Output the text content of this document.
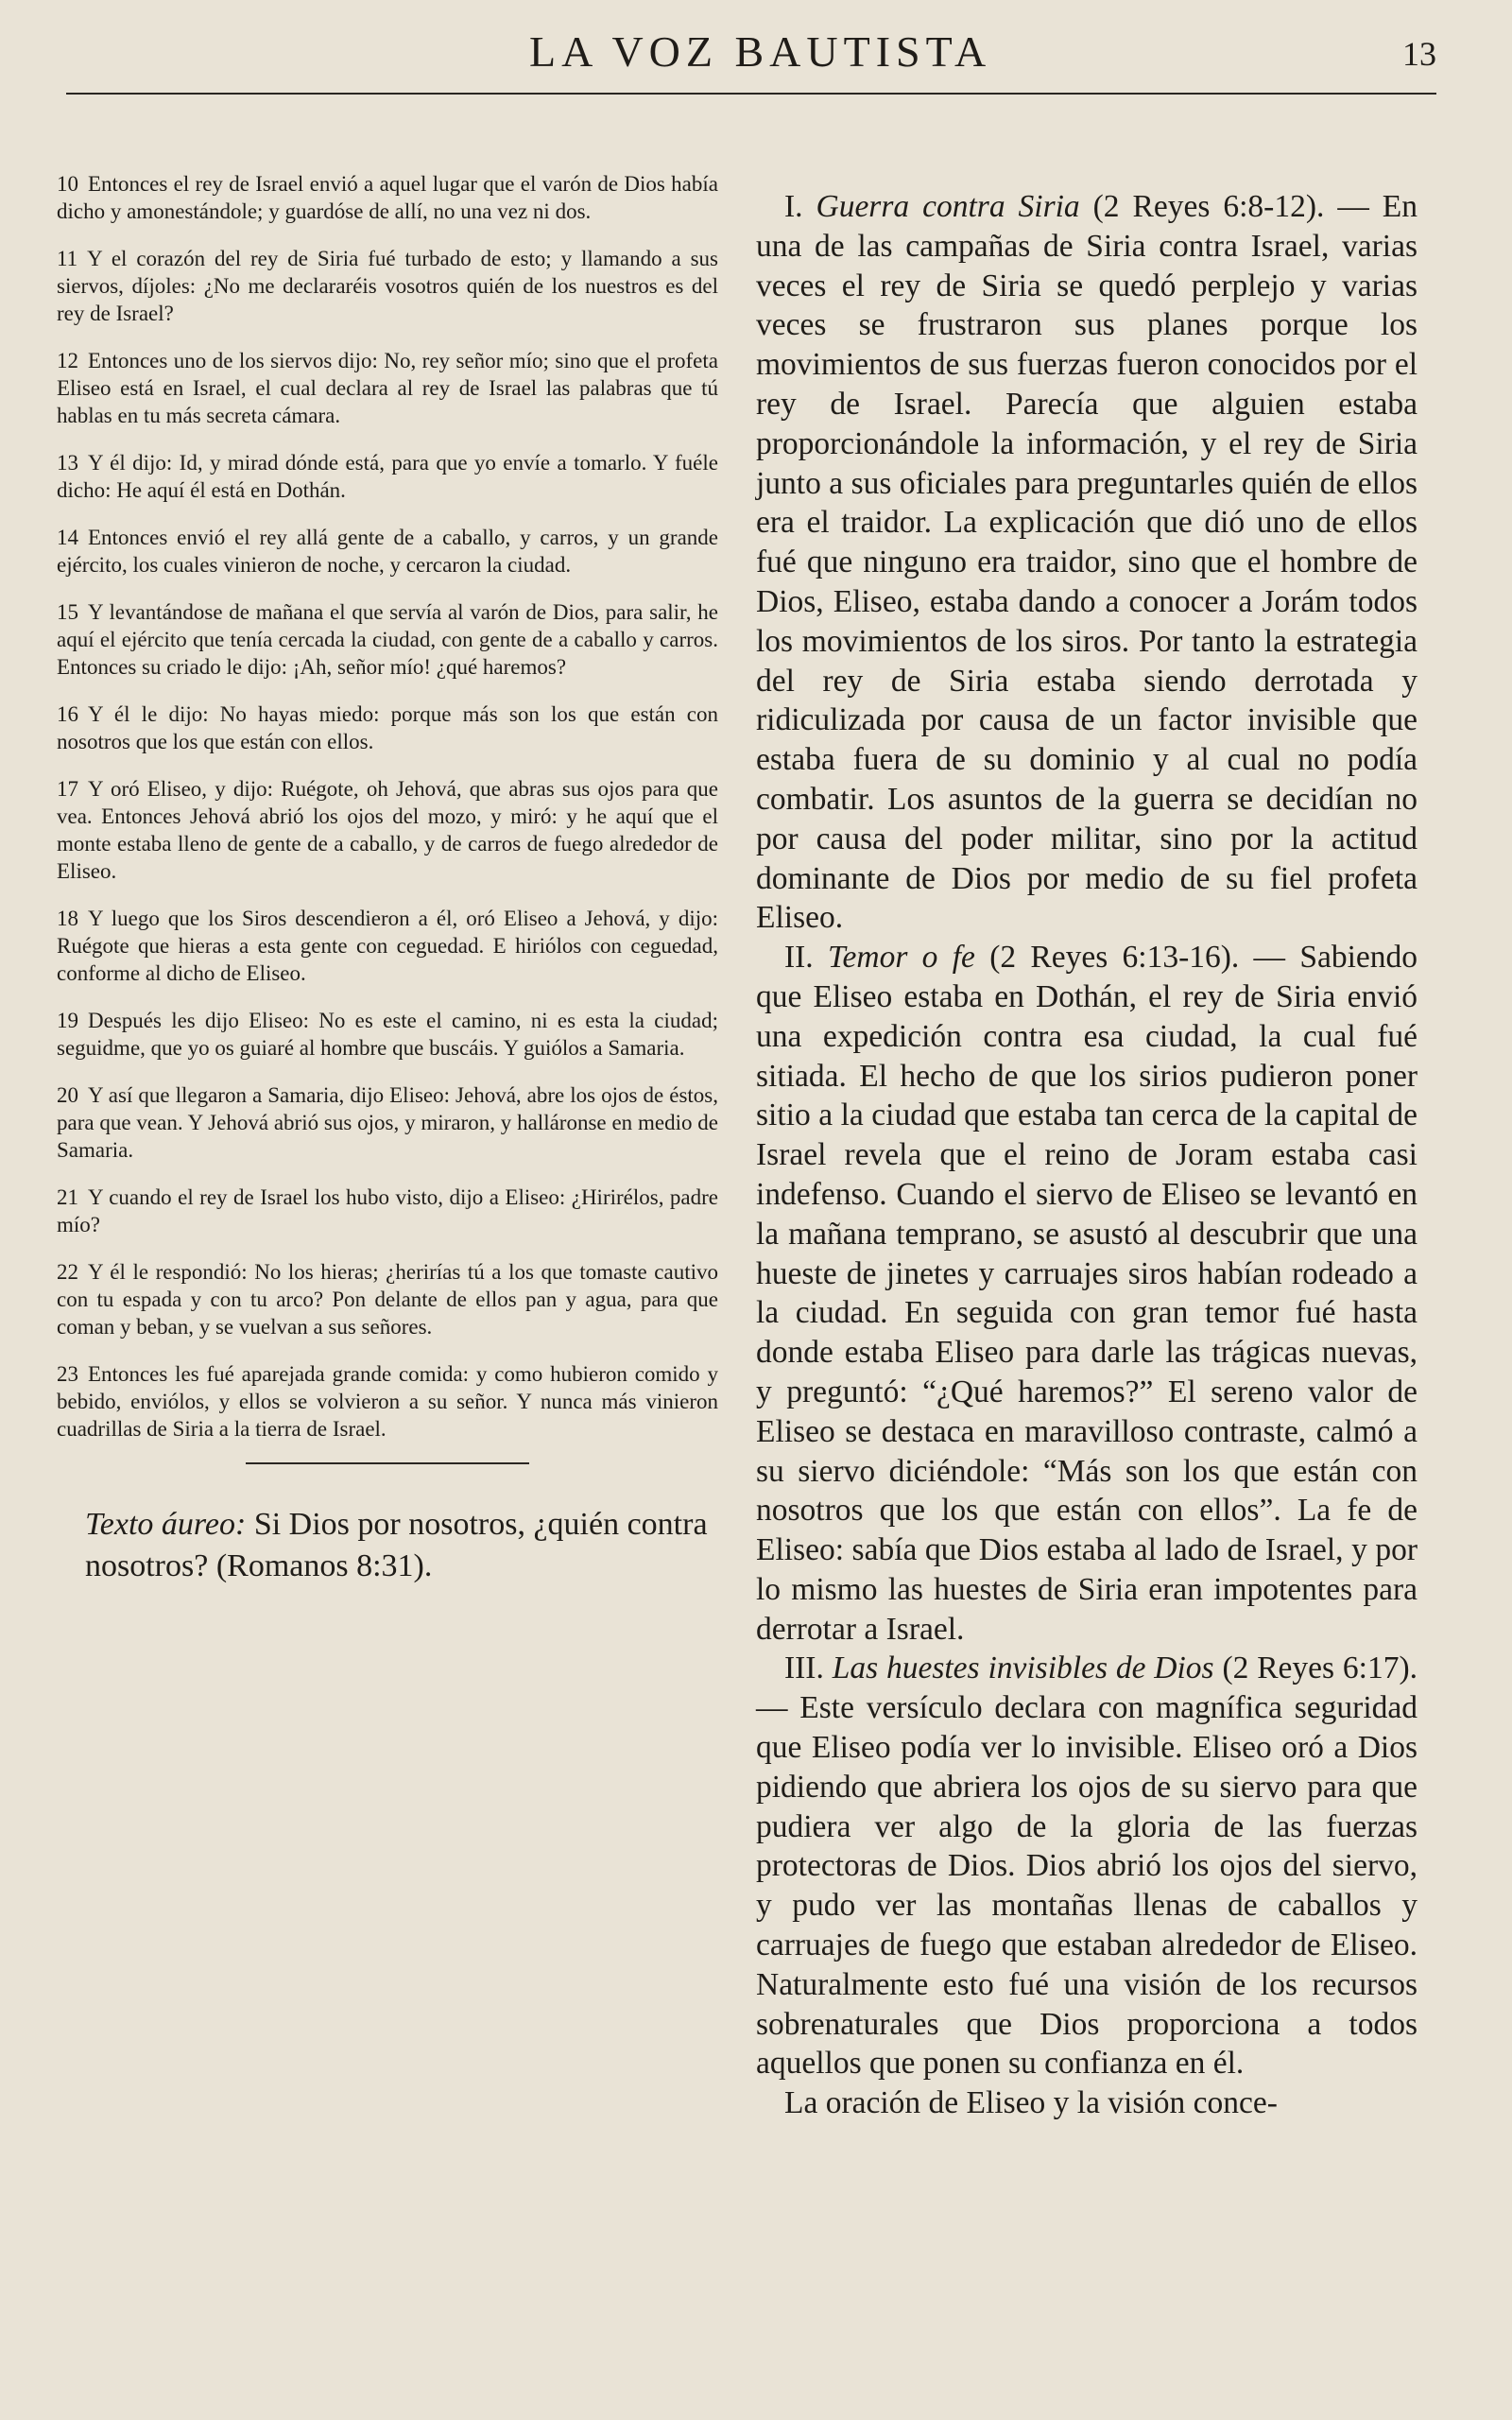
LA VOZ BAUTISTA	13

10 Entonces el rey de Israel envió a aquel lugar que el varón de Dios había dicho y amonestándole; y guardóse de allí, no una vez ni dos.

11 Y el corazón del rey de Siria fué turbado de esto; y llamando a sus siervos, díjoles: ¿No me declararéis vosotros quién de los nuestros es del rey de Israel?

12 Entonces uno de los siervos dijo: No, rey señor mío; sino que el profeta Eliseo está en Israel, el cual declara al rey de Israel las palabras que tú hablas en tu más secreta cámara.

13 Y él dijo: Id, y mirad dónde está, para que yo envíe a tomarlo. Y fuéle dicho: He aquí él está en Dothán.

14 Entonces envió el rey allá gente de a caballo, y carros, y un grande ejército, los cuales vinieron de noche, y cercaron la ciudad.

15 Y levantándose de mañana el que servía al varón de Dios, para salir, he aquí el ejército que tenía cercada la ciudad, con gente de a caballo y carros. Entonces su criado le dijo: ¡Ah, señor mío! ¿qué haremos?

16 Y él le dijo: No hayas miedo: porque más son los que están con nosotros que los que están con ellos.

17 Y oró Eliseo, y dijo: Ruégote, oh Jehová, que abras sus ojos para que vea. Entonces Jehová abrió los ojos del mozo, y miró: y he aquí que el monte estaba lleno de gente de a caballo, y de carros de fuego alrededor de Eliseo.

18 Y luego que los Siros descendieron a él, oró Eliseo a Jehová, y dijo: Ruégote que hieras a esta gente con ceguedad. E hiriólos con ceguedad, conforme al dicho de Eliseo.

19 Después les dijo Eliseo: No es este el camino, ni es esta la ciudad; seguidme, que yo os guiaré al hombre que buscáis. Y guiólos a Samaria.

20 Y así que llegaron a Samaria, dijo Eliseo: Jehová, abre los ojos de éstos, para que vean. Y Jehová abrió sus ojos, y miraron, y halláronse en medio de Samaria.

21 Y cuando el rey de Israel los hubo visto, dijo a Eliseo: ¿Hirirélos, padre mío?

22 Y él le respondió: No los hieras; ¿herirías tú a los que tomaste cautivo con tu espada y con tu arco? Pon delante de ellos pan y agua, para que coman y beban, y se vuelvan a sus señores.

23 Entonces les fué aparejada grande comida: y como hubieron comido y bebido, enviólos, y ellos se volvieron a su señor. Y nunca más vinieron cuadrillas de Siria a la tierra de Israel.

Texto áureo: Si Dios por nosotros, ¿quién contra nosotros? (Romanos 8:31).

I. Guerra contra Siria (2 Reyes 6:8-12). — En una de las campañas de Siria contra Israel, varias veces el rey de Siria se quedó perplejo y varias veces se frustraron sus planes porque los movimientos de sus fuerzas fueron conocidos por el rey de Israel. Parecía que alguien estaba proporcionándole la información, y el rey de Siria junto a sus oficiales para preguntarles quién de ellos era el traidor. La explicación que dió uno de ellos fué que ninguno era traidor, sino que el hombre de Dios, Eliseo, estaba dando a conocer a Jorám todos los movimientos de los siros. Por tanto la estrategia del rey de Siria estaba siendo derrotada y ridiculizada por causa de un factor invisible que estaba fuera de su dominio y al cual no podía combatir. Los asuntos de la guerra se decidían no por causa del poder militar, sino por la actitud dominante de Dios por medio de su fiel profeta Eliseo.

II. Temor o fe (2 Reyes 6:13-16). — Sabiendo que Eliseo estaba en Dothán, el rey de Siria envió una expedición contra esa ciudad, la cual fué sitiada. El hecho de que los sirios pudieron poner sitio a la ciudad que estaba tan cerca de la capital de Israel revela que el reino de Joram estaba casi indefenso. Cuando el siervo de Eliseo se levantó en la mañana temprano, se asustó al descubrir que una hueste de jinetes y carruajes siros habían rodeado a la ciudad. En seguida con gran temor fué hasta donde estaba Eliseo para darle las trágicas nuevas, y preguntó: “¿Qué haremos?” El sereno valor de Eliseo se destaca en maravilloso contraste, calmó a su siervo diciéndole: “Más son los que están con nosotros que los que están con ellos”. La fe de Eliseo: sabía que Dios estaba al lado de Israel, y por lo mismo las huestes de Siria eran impotentes para derrotar a Israel.

III. Las huestes invisibles de Dios (2 Reyes 6:17). — Este versículo declara con magnífica seguridad que Eliseo podía ver lo invisible. Eliseo oró a Dios pidiendo que abriera los ojos de su siervo para que pudiera ver algo de la gloria de las fuerzas protectoras de Dios. Dios abrió los ojos del siervo, y pudo ver las montañas llenas de caballos y carruajes de fuego que estaban alrededor de Eliseo. Naturalmente esto fué una visión de los recursos sobrenaturales que Dios proporciona a todos aquellos que ponen su confianza en él.

La oración de Eliseo y la visión conce-
